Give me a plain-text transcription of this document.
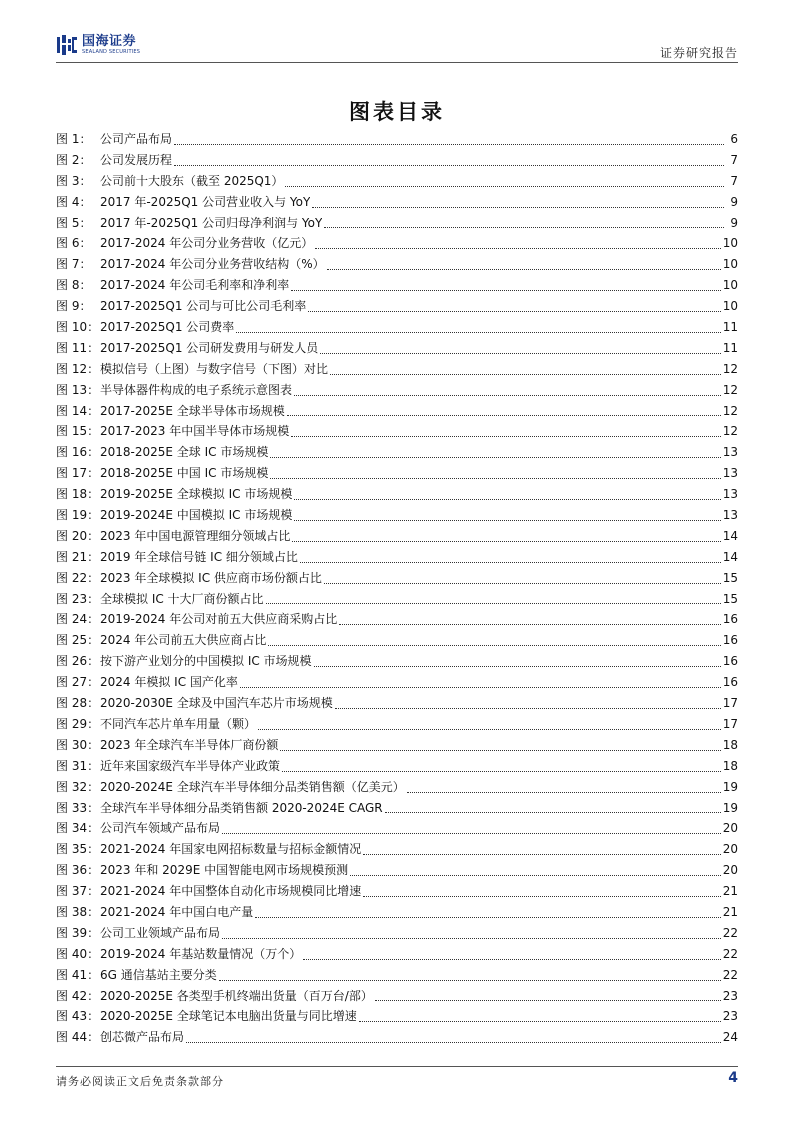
国海证券
SEALAND SECURITIES	证券研究报告
图表目录
图 1： 公司产品布局	6
图 2： 公司发展历程	7
图 3： 公司前十大股东（截至 2025Q1）	7
图 4： 2017 年-2025Q1 公司营业收入与 YoY	9
图 5： 2017 年-2025Q1 公司归母净利润与 YoY	9
图 6： 2017-2024 年公司分业务营收（亿元）	10
图 7： 2017-2024 年公司分业务营收结构（%）	10
图 8： 2017-2024 年公司毛利率和净利率	10
图 9： 2017-2025Q1 公司与可比公司毛利率	10
图 10： 2017-2025Q1 公司费率	11
图 11： 2017-2025Q1 公司研发费用与研发人员	11
图 12： 模拟信号（上图）与数字信号（下图）对比	12
图 13： 半导体器件构成的电子系统示意图表	12
图 14： 2017-2025E 全球半导体市场规模	12
图 15： 2017-2023 年中国半导体市场规模	12
图 16： 2018-2025E 全球 IC 市场规模	13
图 17： 2018-2025E 中国 IC 市场规模	13
图 18： 2019-2025E 全球模拟 IC 市场规模	13
图 19： 2019-2024E 中国模拟 IC 市场规模	13
图 20： 2023 年中国电源管理细分领域占比	14
图 21： 2019 年全球信号链 IC 细分领域占比	14
图 22： 2023 年全球模拟 IC 供应商市场份额占比	15
图 23： 全球模拟 IC 十大厂商份额占比	15
图 24： 2019-2024 年公司对前五大供应商采购占比	16
图 25： 2024 年公司前五大供应商占比	16
图 26： 按下游产业划分的中国模拟 IC 市场规模	16
图 27： 2024 年模拟 IC 国产化率	16
图 28： 2020-2030E 全球及中国汽车芯片市场规模	17
图 29： 不同汽车芯片单车用量（颗）	17
图 30： 2023 年全球汽车半导体厂商份额	18
图 31： 近年来国家级汽车半导体产业政策	18
图 32： 2020-2024E 全球汽车半导体细分品类销售额（亿美元）	19
图 33： 全球汽车半导体细分品类销售额 2020-2024E CAGR	19
图 34： 公司汽车领域产品布局	20
图 35： 2021-2024 年国家电网招标数量与招标金额情况	20
图 36： 2023 年和 2029E 中国智能电网市场规模预测	20
图 37： 2021-2024 年中国整体自动化市场规模同比增速	21
图 38： 2021-2024 年中国白电产量	21
图 39： 公司工业领域产品布局	22
图 40： 2019-2024 年基站数量情况（万个）	22
图 41： 6G 通信基站主要分类	22
图 42： 2020-2025E 各类型手机终端出货量（百万台/部）	23
图 43： 2020-2025E 全球笔记本电脑出货量与同比增速	23
图 44： 创芯微产品布局	24
请务必阅读正文后免责条款部分	4
